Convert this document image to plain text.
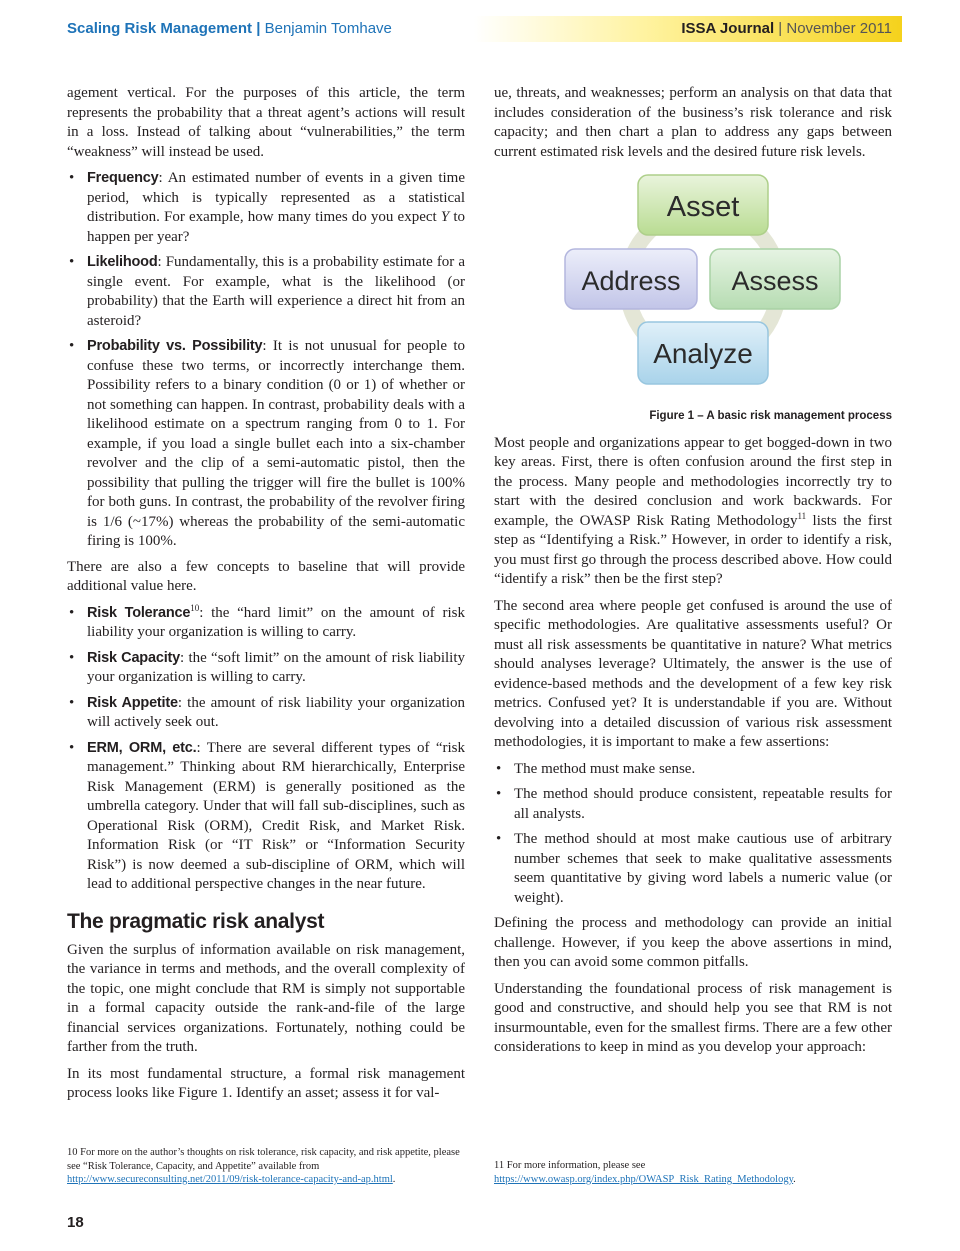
Scaling Risk Management | Benjamin Tomhave	ISSA Journal | November 2011

agement vertical. For the purposes of this article, the term represents the probability that a threat agent’s actions will result in a loss. Instead of talking about “vulnerabilities,” the term “weakness” will instead be used.

• Frequency: An estimated number of events in a given time period, which is typically represented as a statistical distribution. For example, how many times do you expect Y to happen per year?
• Likelihood: Fundamentally, this is a probability estimate for a single event. For example, what is the likelihood (or probability) that the Earth will experience a direct hit from an asteroid?
• Probability vs. Possibility: It is not unusual for people to confuse these two terms, or incorrectly interchange them. Possibility refers to a binary condition (0 or 1) of whether or not something can happen. In contrast, probability deals with a likelihood estimate on a spectrum ranging from 0 to 1. For example, if you load a single bullet each into a six-chamber revolver and the clip of a semi-automatic pistol, then the possibility that pulling the trigger will fire the bullet is 100% for both guns. In contrast, the probability of the revolver firing is 1/6 (~17%) whereas the probability of the semi-automatic firing is 100%.

There are also a few concepts to baseline that will provide additional value here.

• Risk Tolerance$^{10}$: the “hard limit” on the amount of risk liability your organization is willing to carry.
• Risk Capacity: the “soft limit” on the amount of risk liability your organization is willing to carry.
• Risk Appetite: the amount of risk liability your organization will actively seek out.
• ERM, ORM, etc.: There are several different types of “risk management.” Thinking about RM hierarchically, Enterprise Risk Management (ERM) is generally positioned as the umbrella category. Under that will fall sub-disciplines, such as Operational Risk (ORM), Credit Risk, and Market Risk. Information Risk (or “IT Risk” or “Information Security Risk”) is now deemed a sub-discipline of ORM, which will lead to additional perspective changes in the near future.
The pragmatic risk analyst

Given the surplus of information available on risk management, the variance in terms and methods, and the overall complexity of the topic, one might conclude that RM is simply not supportable in a formal capacity outside the rank-and-file of the large financial services organizations. Fortunately, nothing could be farther from the truth.

In its most fundamental structure, a formal risk management process looks like Figure 1. Identify an asset; assess it for val-

ue, threats, and weaknesses; perform an analysis on that data that includes consideration of the business’s risk tolerance and risk capacity; and then chart a plan to address any gaps between current estimated risk levels and the desired future risk levels.

Asset
Assess
Analyze
Address

Figure 1 – A basic risk management process

Most people and organizations appear to get bogged-down in two key areas. First, there is often confusion around the first step in the process. Many people and methodologies incorrectly try to start with the desired conclusion and work backwards. For example, the OWASP Risk Rating Methodology$^{11}$ lists the first step as “Identifying a Risk.” However, in order to identify a risk, you must first go through the process described above. How could “identify a risk” then be the first step?

The second area where people get confused is around the use of specific methodologies. Are qualitative assessments useful? Or must all risk assessments be quantitative in nature? What metrics should analyses leverage? Ultimately, the answer is the use of evidence-based methods and the development of a few key risk metrics. Confused yet? It is understandable if you are. Without devolving into a detailed discussion of various risk assessment methodologies, it is important to make a few assertions:

• The method must make sense.
• The method should produce consistent, repeatable results for all analysts.
• The method should at most make cautious use of arbitrary number schemes that seek to make qualitative assessments seem quantitative by giving word labels a numeric value (or weight).

Defining the process and methodology can provide an initial challenge. However, if you keep the above assertions in mind, then you can avoid some common pitfalls.

Understanding the foundational process of risk management is good and constructive, and should help you see that RM is not insurmountable, even for the smallest firms. There are a few other considerations to keep in mind as you develop your approach:

10 For more on the author’s thoughts on risk tolerance, risk capacity, and risk appetite, please see “Risk Tolerance, Capacity, and Appetite” available from http://www.secureconsulting.net/2011/09/risk-tolerance-capacity-and-ap.html.
11 For more information, please see https://www.owasp.org/index.php/OWASP_Risk_Rating_Methodology.
18
